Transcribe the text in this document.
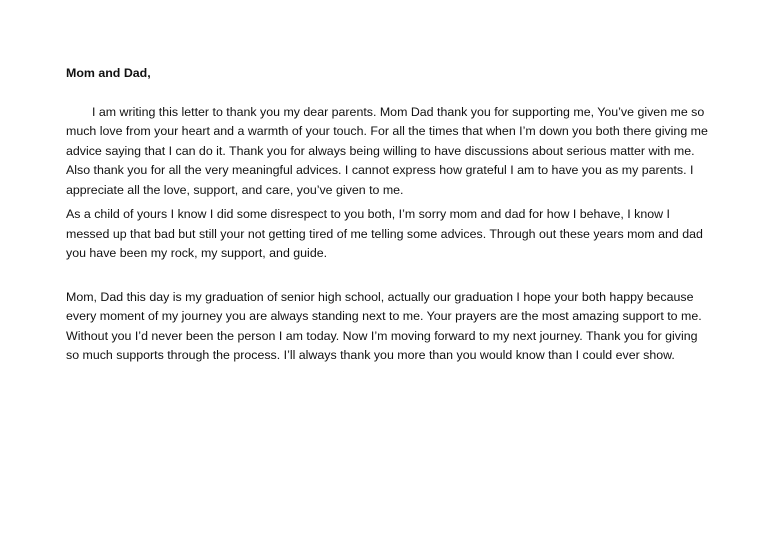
Mom and Dad,

I am writing this letter to thank you my dear parents. Mom Dad thank you for supporting me, You’ve given me so much love from your heart and a warmth of your touch. For all the times that when I’m down you both there giving me advice saying that I can do it. Thank you for always being willing to have discussions about serious matter with me. Also thank you for all the very meaningful advices. I cannot express how grateful I am to have you as my parents. I appreciate all the love, support, and care, you’ve given to me.

As a child of yours I know I did some disrespect to you both, I’m sorry mom and dad for how I behave, I know I messed up that bad but still your not getting tired of me telling some advices. Through out these years mom and dad you have been my rock, my support, and guide.

Mom, Dad this day is my graduation of senior high school, actually our graduation I hope your both happy because every moment of my journey you are always standing next to me. Your prayers are the most amazing support to me. Without you I’d never been the person I am today. Now I’m moving forward to my next journey. Thank you for giving so much supports through the process. I’ll always thank you more than you would know than I could ever show.
